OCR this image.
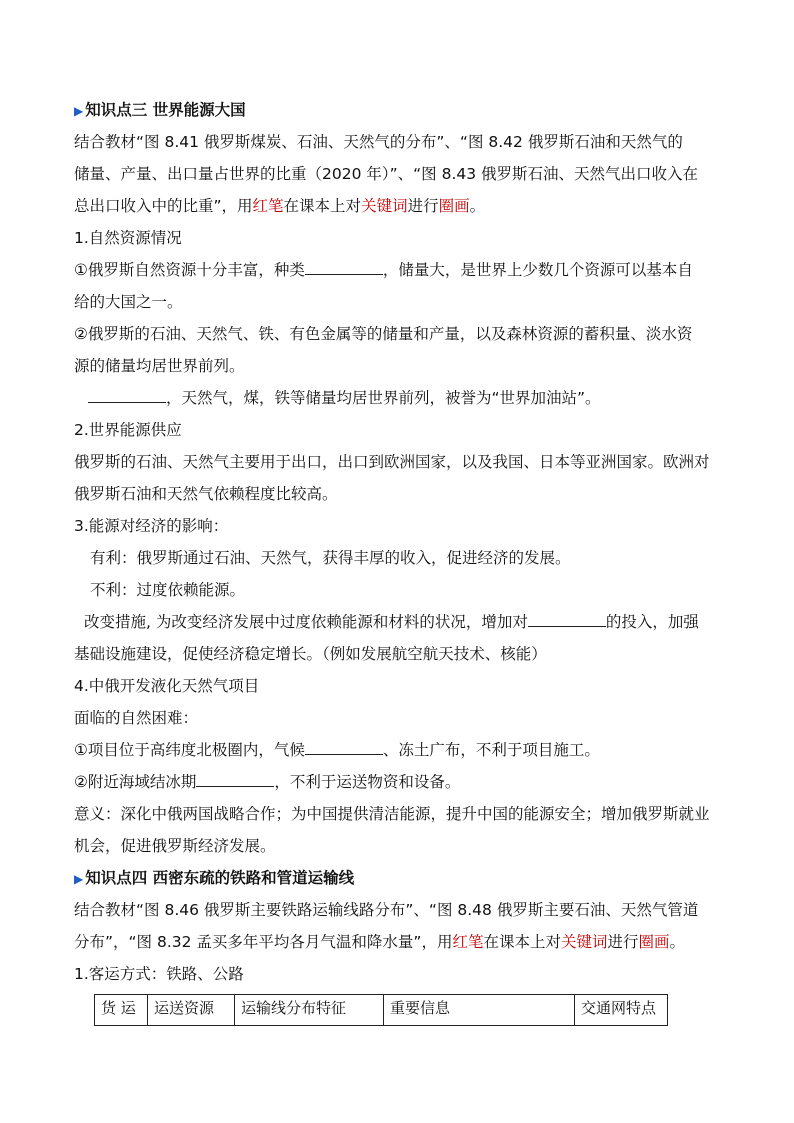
▶ 知识点三 世界能源大国
结合教材“图 8.41 俄罗斯煤炭、石油、天然气的分布”、“图 8.42 俄罗斯石油和天然气的
储量、产量、出口量占世界的比重（2020 年）”、“图 8.43 俄罗斯石油、天然气出口收入在
总出口收入中的比重”，用红笔在课本上对关键词进行圈画。
1.自然资源情况
①俄罗斯自然资源十分丰富，种类	，储量大，是世界上少数几个资源可以基本自
给的大国之一。
②俄罗斯的石油、天然气、铁、有色金属等的储量和产量，以及森林资源的蓄积量、淡水资
源的储量均居世界前列。
，天然气，煤，铁等储量均居世界前列，被誉为“世界加油站”。
2.世界能源供应
俄罗斯的石油、天然气主要用于出口，出口到欧洲国家，以及我国、日本等亚洲国家。欧洲对
俄罗斯石油和天然气依赖程度比较高。
3.能源对经济的影响：
有利：俄罗斯通过石油、天然气，获得丰厚的收入，促进经济的发展。
不利：过度依赖能源。
改变措施, 为改变经济发展中过度依赖能源和材料的状况，增加对	的投入，加强
基础设施建设，促使经济稳定增长。（例如发展航空航天技术、核能）
4.中俄开发液化天然气项目
面临的自然困难：
①项目位于高纬度北极圈内，气候	、冻土广布，不利于项目施工。
②附近海域结冰期	，不利于运送物资和设备。
意义：深化中俄两国战略合作；为中国提供清洁能源，提升中国的能源安全；增加俄罗斯就业
机会，促进俄罗斯经济发展。
▶ 知识点四 西密东疏的铁路和管道运输线
结合教材“图 8.46 俄罗斯主要铁路运输线路分布”、“图 8.48 俄罗斯主要石油、天然气管道
分布”，“图 8.32 孟买多年平均各月气温和降水量”，用红笔在课本上对关键词进行圈画。
1.客运方式：铁路、公路
货 运	运送资源	运输线分布特征	重要信息	交通网特点
